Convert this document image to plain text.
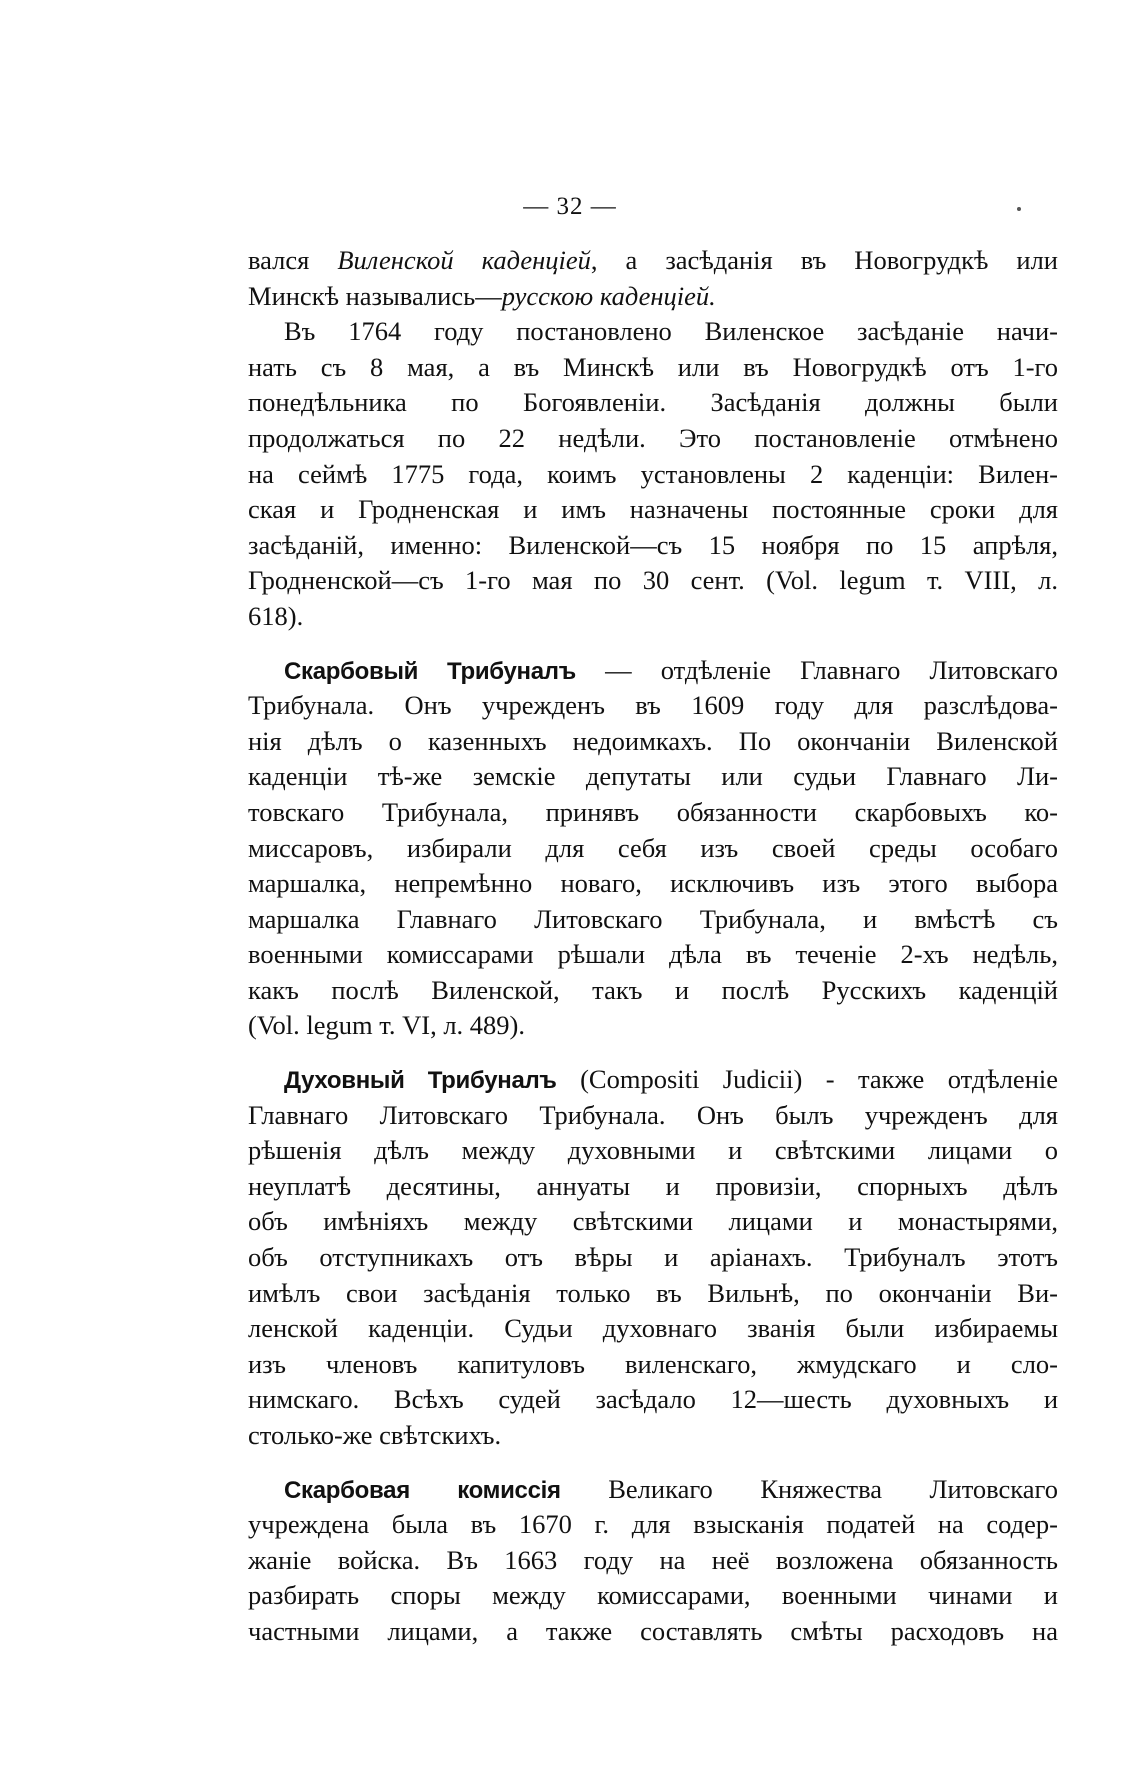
— 32 —
вался Виленской каденціей, a засѣданія въ Новогрудкѣ или
Минскѣ назывались—русскою каденціей.
Въ 1764 году постановлено Виленское засѣданіе начи-
нать съ 8 мая, а въ Минскѣ или въ Новогрудкѣ отъ 1-го
понедѣльника по Богоявленіи. Засѣданія должны были
продолжаться по 22 недѣли. Это постановленіе отмѣнено
на сеймѣ 1775 года, коимъ установлены 2 каденціи: Вилен-
ская и Гродненская и имъ назначены постоянные сроки для
засѣданій, именно: Виленской—съ 15 ноября по 15 апрѣля,
Гродненской—съ 1-го мая по 30 сент. (Vol. legum т. VIII, л.
618).
Скарбовый Трибуналъ — отдѣленіе Главнаго Литовскаго
Трибунала. Онъ учрежденъ въ 1609 году для разслѣдова-
нія дѣлъ о казенныхъ недоимкахъ. По окончаніи Виленской
каденціи тѣ-же земскіе депутаты или судьи Главнаго Ли-
товскаго Трибунала, принявъ обязанности скарбовыхъ ко-
миссаровъ, избирали для себя изъ своей среды особаго
маршалка, непремѣнно новаго, исключивъ изъ этого выбора
маршалка Главнаго Литовскаго Трибунала, и вмѣстѣ съ
военными комиссарами рѣшали дѣла въ теченіе 2-хъ недѣль,
какъ послѣ Виленской, такъ и послѣ Русскихъ каденцій
(Vol. legum т. VI, л. 489).
Духовный Трибуналъ (Compositi Judicii) - также отдѣленіе
Главнаго Литовскаго Трибунала. Онъ былъ учрежденъ для
рѣшенія дѣлъ между духовными и свѣтскими лицами о
неуплатѣ десятины, аннуаты и провизіи, спорныхъ дѣлъ
объ имѣніяхъ между свѣтскими лицами и монастырями,
объ отступникахъ отъ вѣры и аріанахъ. Трибуналъ этотъ
имѣлъ свои засѣданія только въ Вильнѣ, по окончаніи Ви-
ленской каденціи. Судьи духовнаго званія были избираемы
изъ членовъ капитуловъ виленскаго, жмудскаго и сло-
нимскаго. Всѣхъ судей засѣдало 12—шесть духовныхъ и
столько-же свѣтскихъ.
Скарбовая комиссія Великаго Княжества Литовскаго
учреждена была въ 1670 г. для взысканія податей на содер-
жаніе войска. Въ 1663 году на неё возложена обязанность
разбирать споры между комиссарами, военными чинами и
частными лицами, а также составлять смѣты расходовъ на
